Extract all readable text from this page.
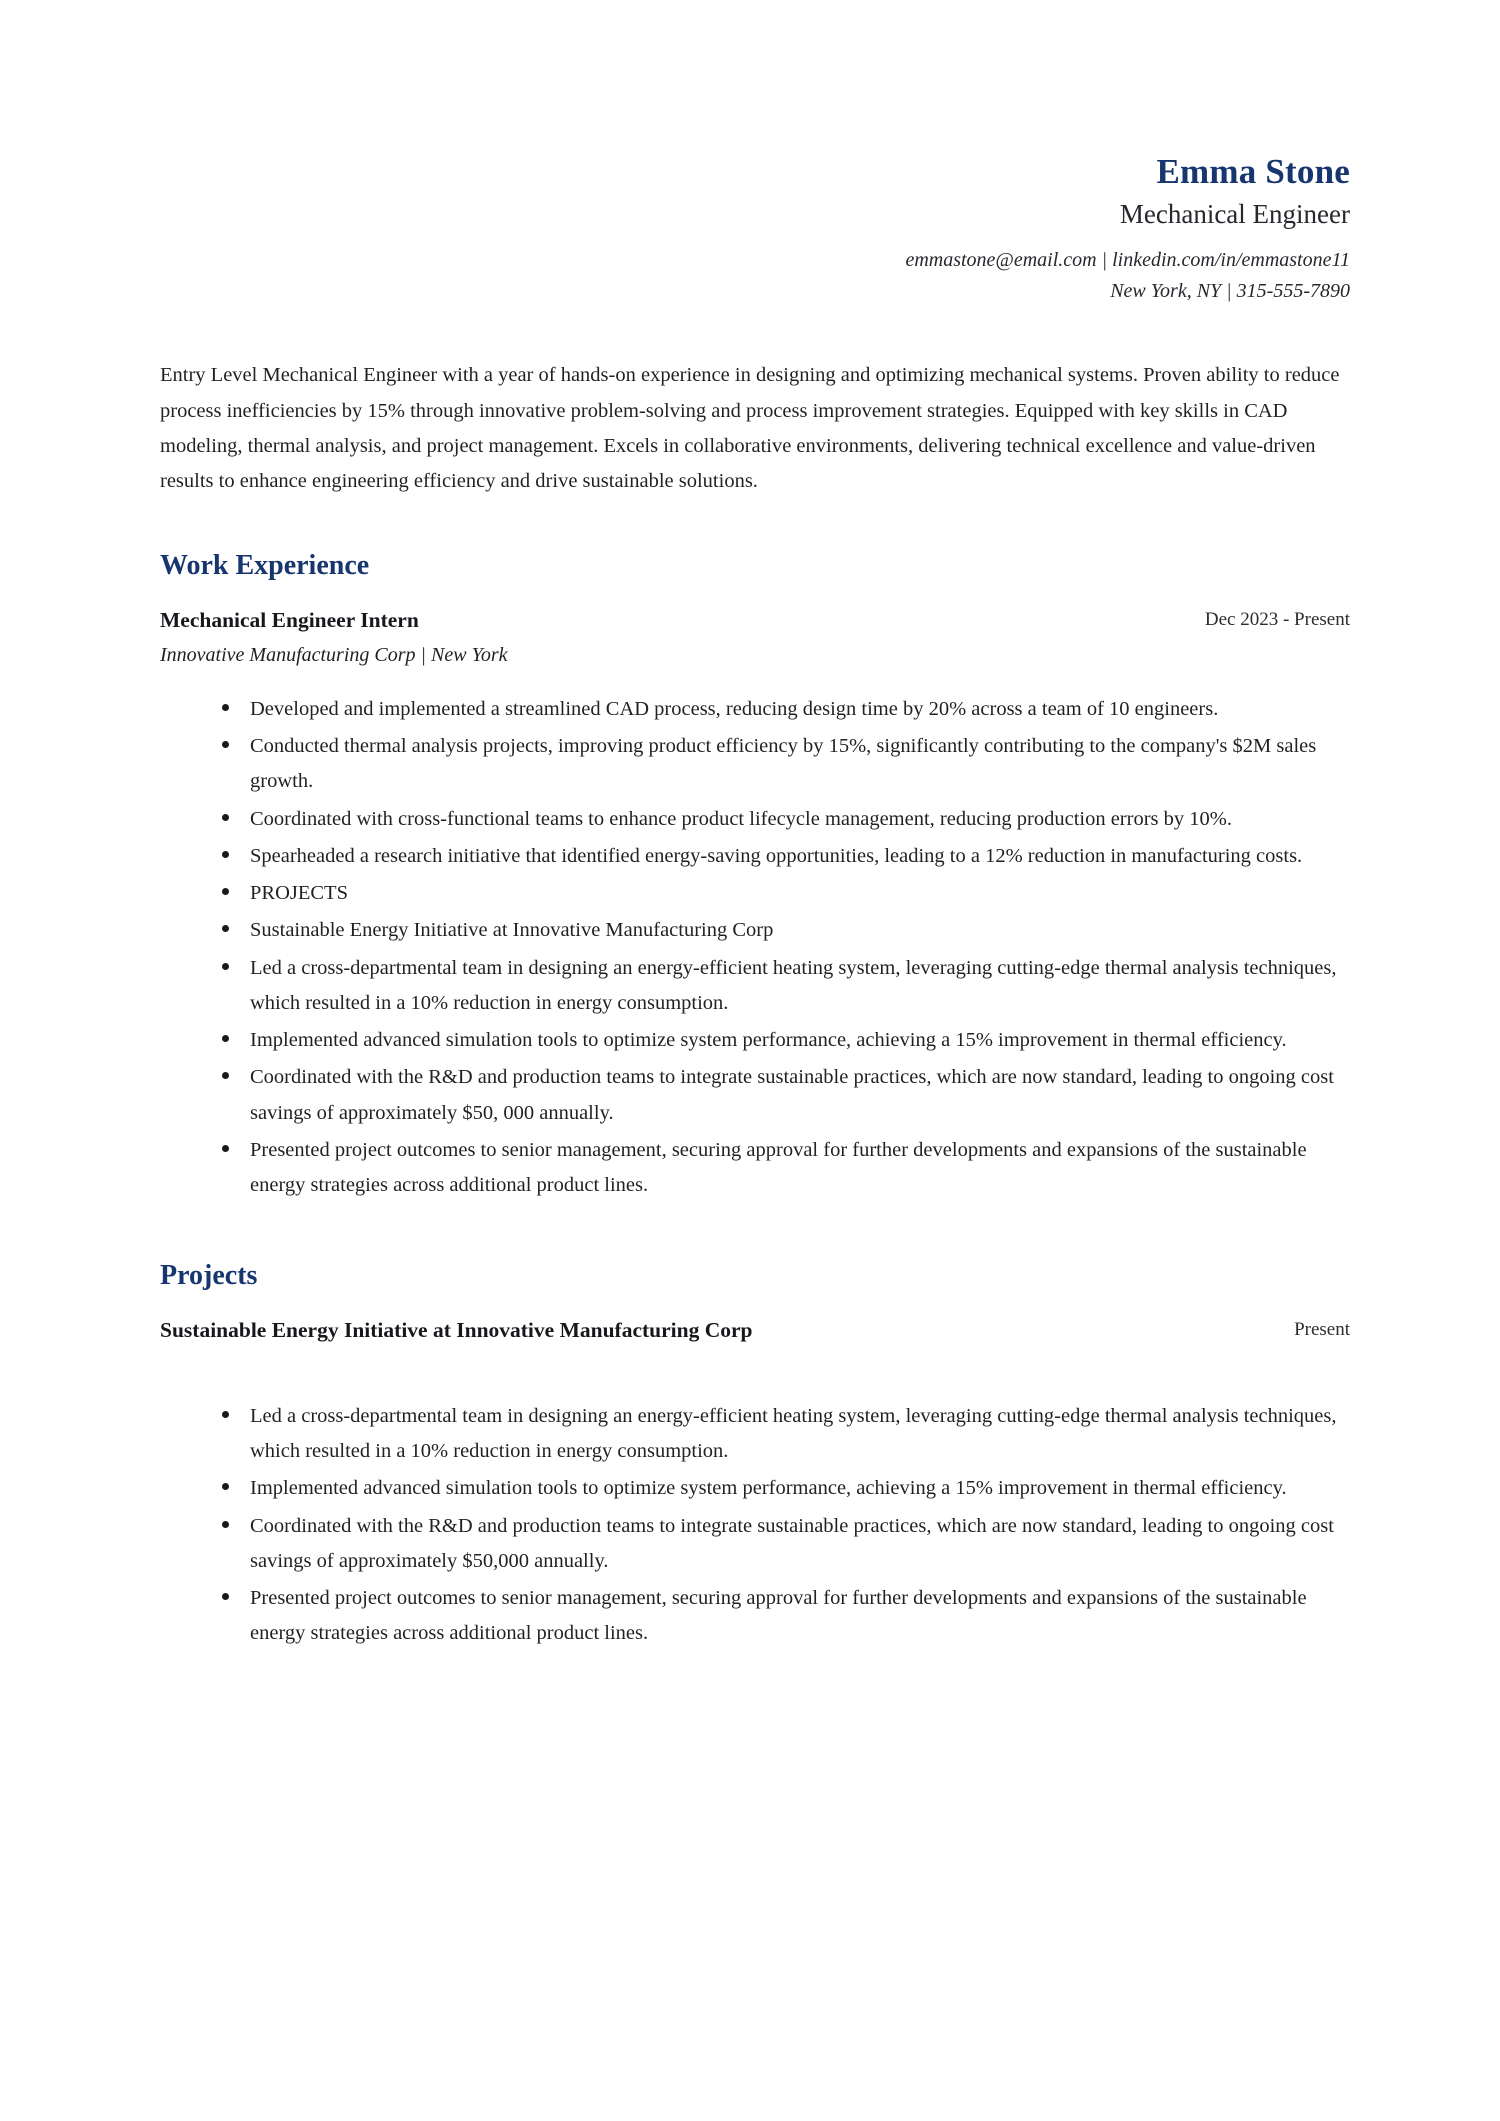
Emma Stone
Mechanical Engineer
emmastone@email.com | linkedin.com/in/emmastone11
New York, NY | 315-555-7890
Entry Level Mechanical Engineer with a year of hands-on experience in designing and optimizing mechanical systems. Proven ability to reduce process inefficiencies by 15% through innovative problem-solving and process improvement strategies. Equipped with key skills in CAD modeling, thermal analysis, and project management. Excels in collaborative environments, delivering technical excellence and value-driven results to enhance engineering efficiency and drive sustainable solutions.
Work Experience
Mechanical Engineer Intern	Dec 2023 - Present
Innovative Manufacturing Corp | New York
Developed and implemented a streamlined CAD process, reducing design time by 20% across a team of 10 engineers.
Conducted thermal analysis projects, improving product efficiency by 15%, significantly contributing to the company's $2M sales growth.
Coordinated with cross-functional teams to enhance product lifecycle management, reducing production errors by 10%.
Spearheaded a research initiative that identified energy-saving opportunities, leading to a 12% reduction in manufacturing costs.
PROJECTS
Sustainable Energy Initiative at Innovative Manufacturing Corp
Led a cross-departmental team in designing an energy-efficient heating system, leveraging cutting-edge thermal analysis techniques, which resulted in a 10% reduction in energy consumption.
Implemented advanced simulation tools to optimize system performance, achieving a 15% improvement in thermal efficiency.
Coordinated with the R&D and production teams to integrate sustainable practices, which are now standard, leading to ongoing cost savings of approximately $50, 000 annually.
Presented project outcomes to senior management, securing approval for further developments and expansions of the sustainable energy strategies across additional product lines.
Projects
Sustainable Energy Initiative at Innovative Manufacturing Corp	Present
Led a cross-departmental team in designing an energy-efficient heating system, leveraging cutting-edge thermal analysis techniques, which resulted in a 10% reduction in energy consumption.
Implemented advanced simulation tools to optimize system performance, achieving a 15% improvement in thermal efficiency.
Coordinated with the R&D and production teams to integrate sustainable practices, which are now standard, leading to ongoing cost savings of approximately $50,000 annually.
Presented project outcomes to senior management, securing approval for further developments and expansions of the sustainable energy strategies across additional product lines.
